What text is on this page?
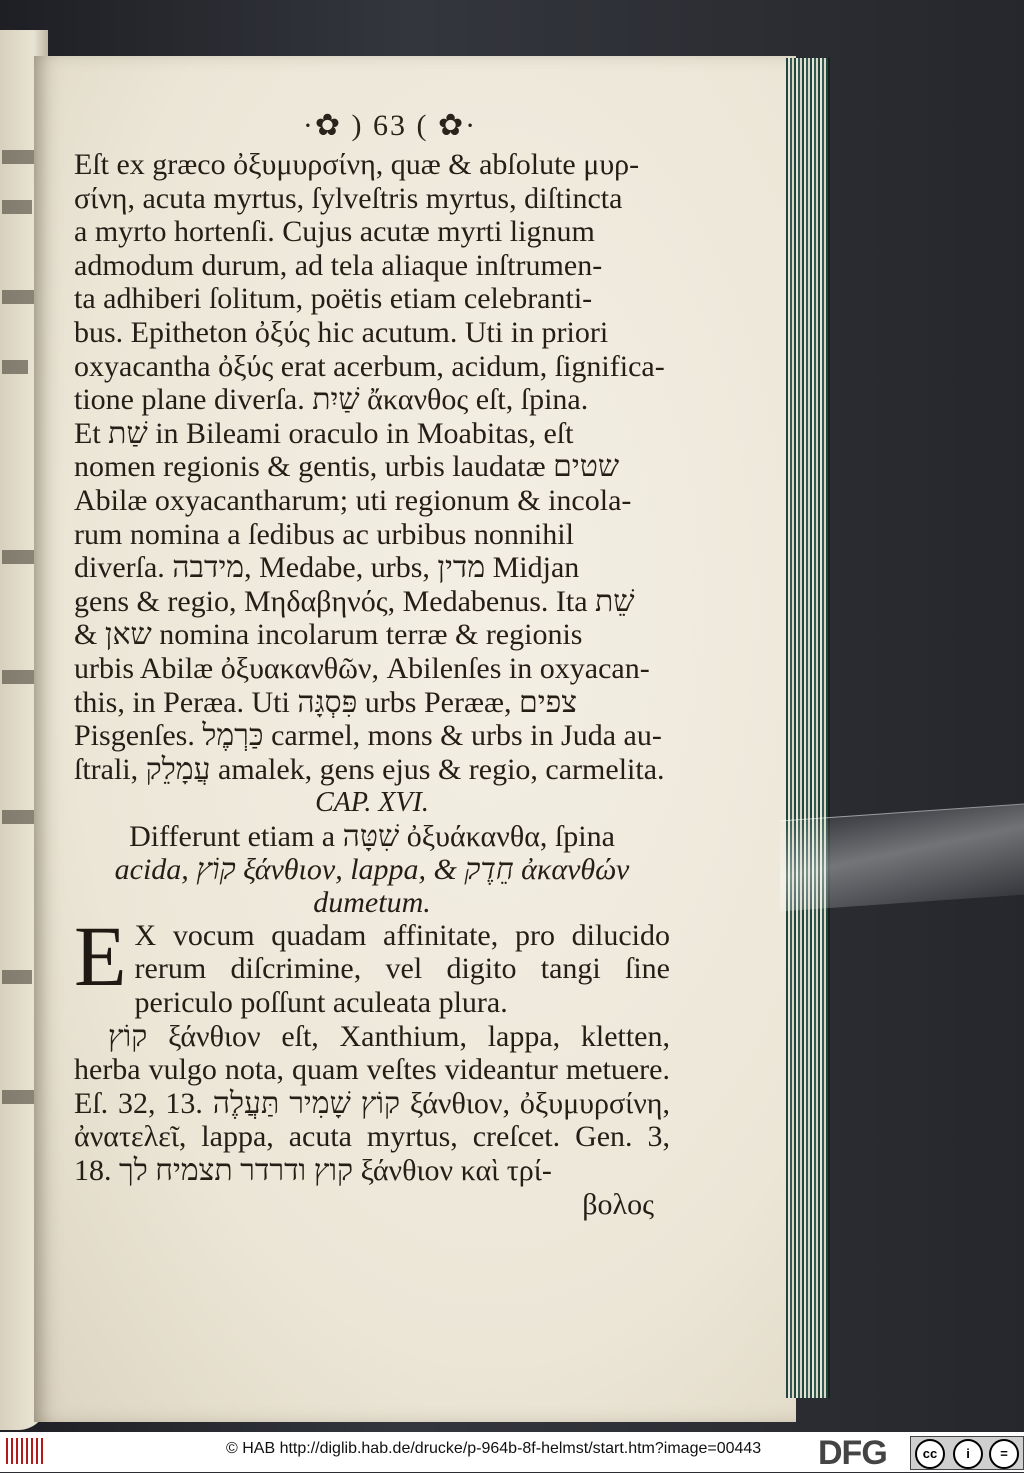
·✿ ) 63 ( ✿·

Eſt ex græco ὀξυμυρσίνη, quæ & abſolute μυρ-

σίνη, acuta myrtus, ſylveſtris myrtus, diſtincta

a myrto hortenſi. Cujus acutæ myrti lignum

admodum durum, ad tela aliaque inſtrumen-

ta adhiberi ſolitum, poëtis etiam celebranti-

bus. Epitheton ὀξύς hic acutum. Uti in priori

oxyacantha ὀξύς erat acerbum, acidum, ſignifica-

tione plane diverſa. שַׁיִת ἄκανθος eſt, ſpina.

Et שַׁת in Bileami oraculo in Moabitas, eſt

nomen regionis & gentis, urbis laudatæ שטים

Abilæ oxyacantharum; uti regionum & incola-

rum nomina a ſedibus ac urbibus nonnihil

diverſa. מידבה, Medabe, urbs, מדין Midjan

gens & regio, Μηδαβηνός, Medabenus. Ita שֵׁת

& שאן nomina incolarum terræ & regionis

urbis Abilæ ὀξυακανθῶν, Abilenſes in oxyacan-

this, in Peræa. Uti פִּסְגָּה urbs Perææ, צפים

Pisgenſes. כַּרְמֶל carmel, mons & urbs in Juda au-

ſtrali, עֲמָלֵק amalek, gens ejus & regio, carmelita.

CAP. XVI.

Differunt etiam a שִׁטָּה ὀξυάκανθα, ſpina
acida, קוֹץ ξάνθιον, lappa, & חֵדֶק ἀκανθών
dumetum.

E X vocum quadam affinitate, pro dilucido rerum diſcrimine, vel digito tangi ſine periculo poſſunt aculeata plura.

קוֹץ ξάνθιον eſt, Xanthium, lappa, kletten, herba vulgo nota, quam veſtes videantur metuere. Eſ. 32, 13. קוֹץ שָׁמִיר תַּעֲלֶה ξάνθιον, ὀξυμυρσίνη, ἀνατελεῖ, lappa, acuta myrtus, creſcet. Gen. 3, 18. קוץ ודרדר תצמיח לך ξάνθιον καὶ τρί-

βολος

© HAB http://diglib.hab.de/drucke/p-964b-8f-helmst/start.htm?image=00443 DFG	cc	i	=
